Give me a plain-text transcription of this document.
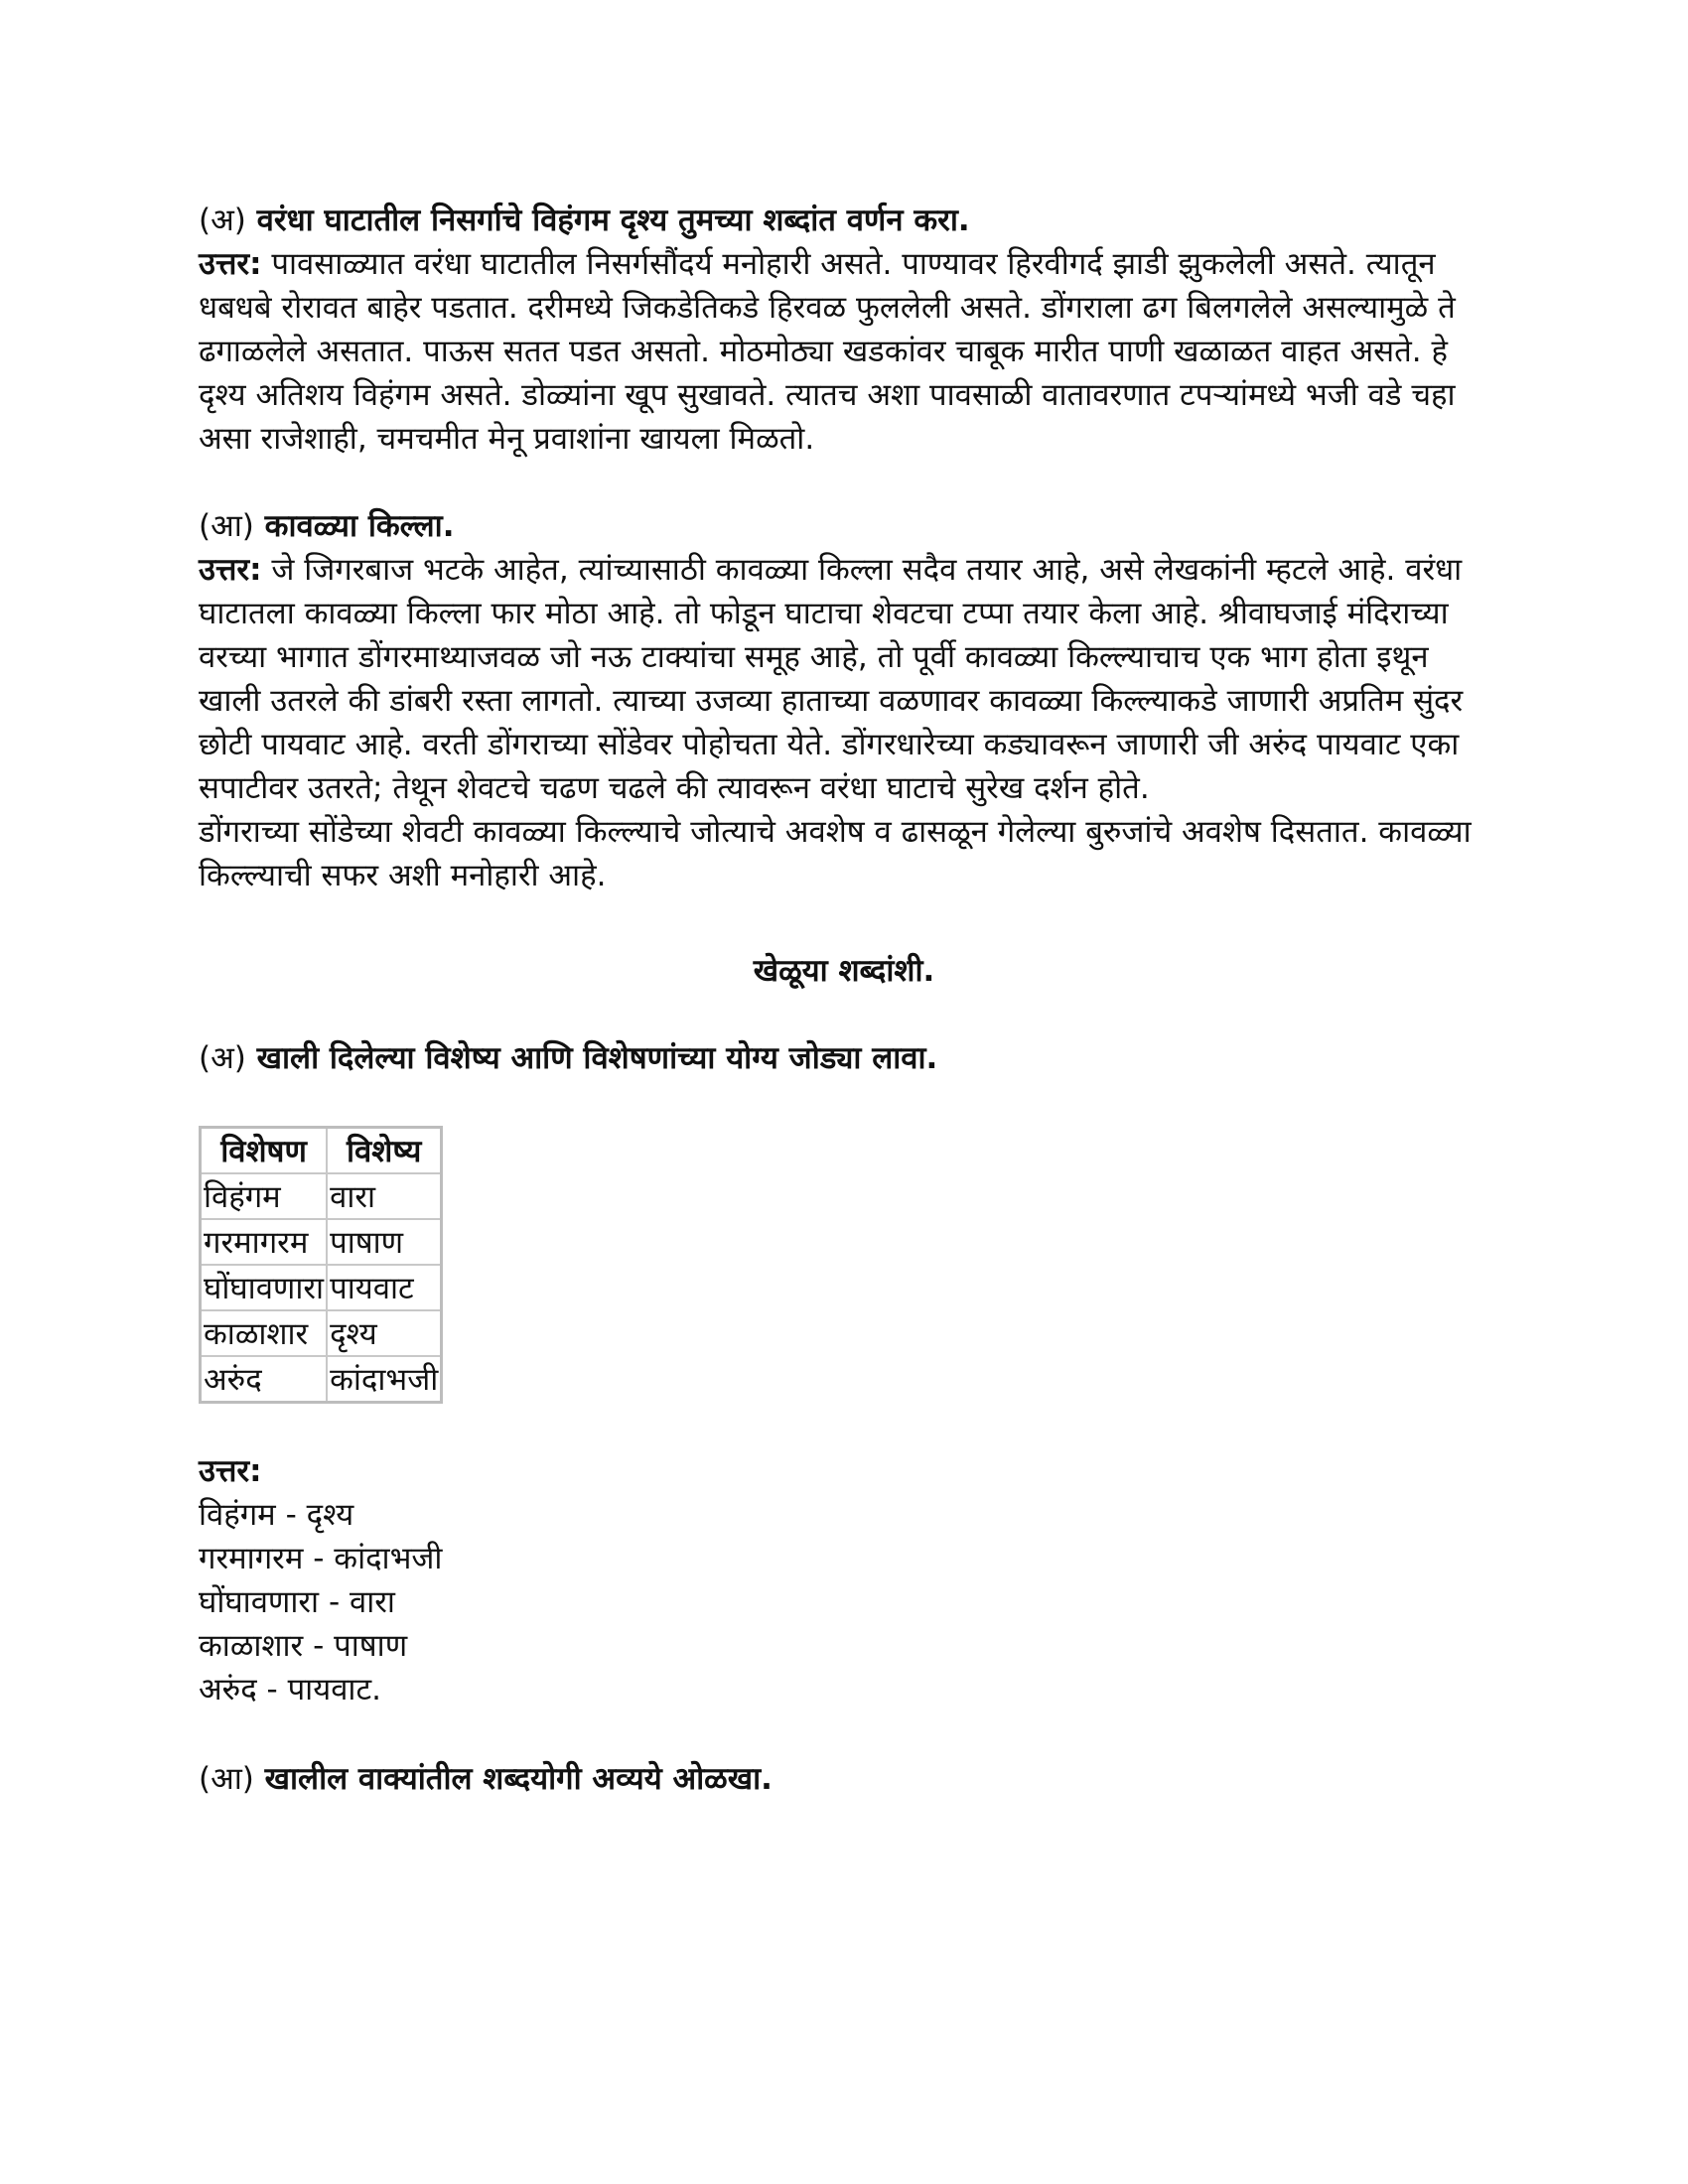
(अ) वरंधा घाटातील निसर्गाचे विहंगम दृश्य तुमच्या शब्दांत वर्णन करा.

उत्तर: पावसाळ्यात वरंधा घाटातील निसर्गसौंदर्य मनोहारी असते. पाण्यावर हिरवीगर्द झाडी झुकलेली असते. त्यातून धबधबे रोरावत बाहेर पडतात. दरीमध्ये जिकडेतिकडे हिरवळ फुललेली असते. डोंगराला ढग बिलगलेले असल्यामुळे ते ढगाळलेले असतात. पाऊस सतत पडत असतो. मोठमोठ्या खडकांवर चाबूक मारीत पाणी खळाळत वाहत असते. हे दृश्य अतिशय विहंगम असते. डोळ्यांना खूप सुखावते. त्यातच अशा पावसाळी वातावरणात टपऱ्यांमध्ये भजी वडे चहा असा राजेशाही, चमचमीत मेनू प्रवाशांना खायला मिळतो.

(आ) कावळ्या किल्ला.

उत्तर: जे जिगरबाज भटके आहेत, त्यांच्यासाठी कावळ्या किल्ला सदैव तयार आहे, असे लेखकांनी म्हटले आहे. वरंधा घाटातला कावळ्या किल्ला फार मोठा आहे. तो फोडून घाटाचा शेवटचा टप्पा तयार केला आहे. श्रीवाघजाई मंदिराच्या वरच्या भागात डोंगरमाथ्याजवळ जो नऊ टाक्यांचा समूह आहे, तो पूर्वी कावळ्या किल्ल्याचाच एक भाग होता इथून खाली उतरले की डांबरी रस्ता लागतो. त्याच्या उजव्या हाताच्या वळणावर कावळ्या किल्ल्याकडे जाणारी अप्रतिम सुंदर छोटी पायवाट आहे. वरती डोंगराच्या सोंडेवर पोहोचता येते. डोंगरधारेच्या कड्यावरून जाणारी जी अरुंद पायवाट एका सपाटीवर उतरते; तेथून शेवटचे चढण चढले की त्यावरून वरंधा घाटाचे सुरेख दर्शन होते.

डोंगराच्या सोंडेच्या शेवटी कावळ्या किल्ल्याचे जोत्याचे अवशेष व ढासळून गेलेल्या बुरुजांचे अवशेष दिसतात. कावळ्या किल्ल्याची सफर अशी मनोहारी आहे.

खेळूया शब्दांशी.

(अ) खाली दिलेल्या विशेष्य आणि विशेषणांच्या योग्य जोड्या लावा.

विशेषण	विशेष्य
विहंगम	वारा
गरमागरम	पाषाण
घोंघावणारा	पायवाट
काळाशार	दृश्य
अरुंद	कांदाभजी

उत्तर:

विहंगम - दृश्य

गरमागरम - कांदाभजी

घोंघावणारा - वारा

काळाशार - पाषाण

अरुंद - पायवाट.

(आ) खालील वाक्यांतील शब्दयोगी अव्यये ओळखा.
